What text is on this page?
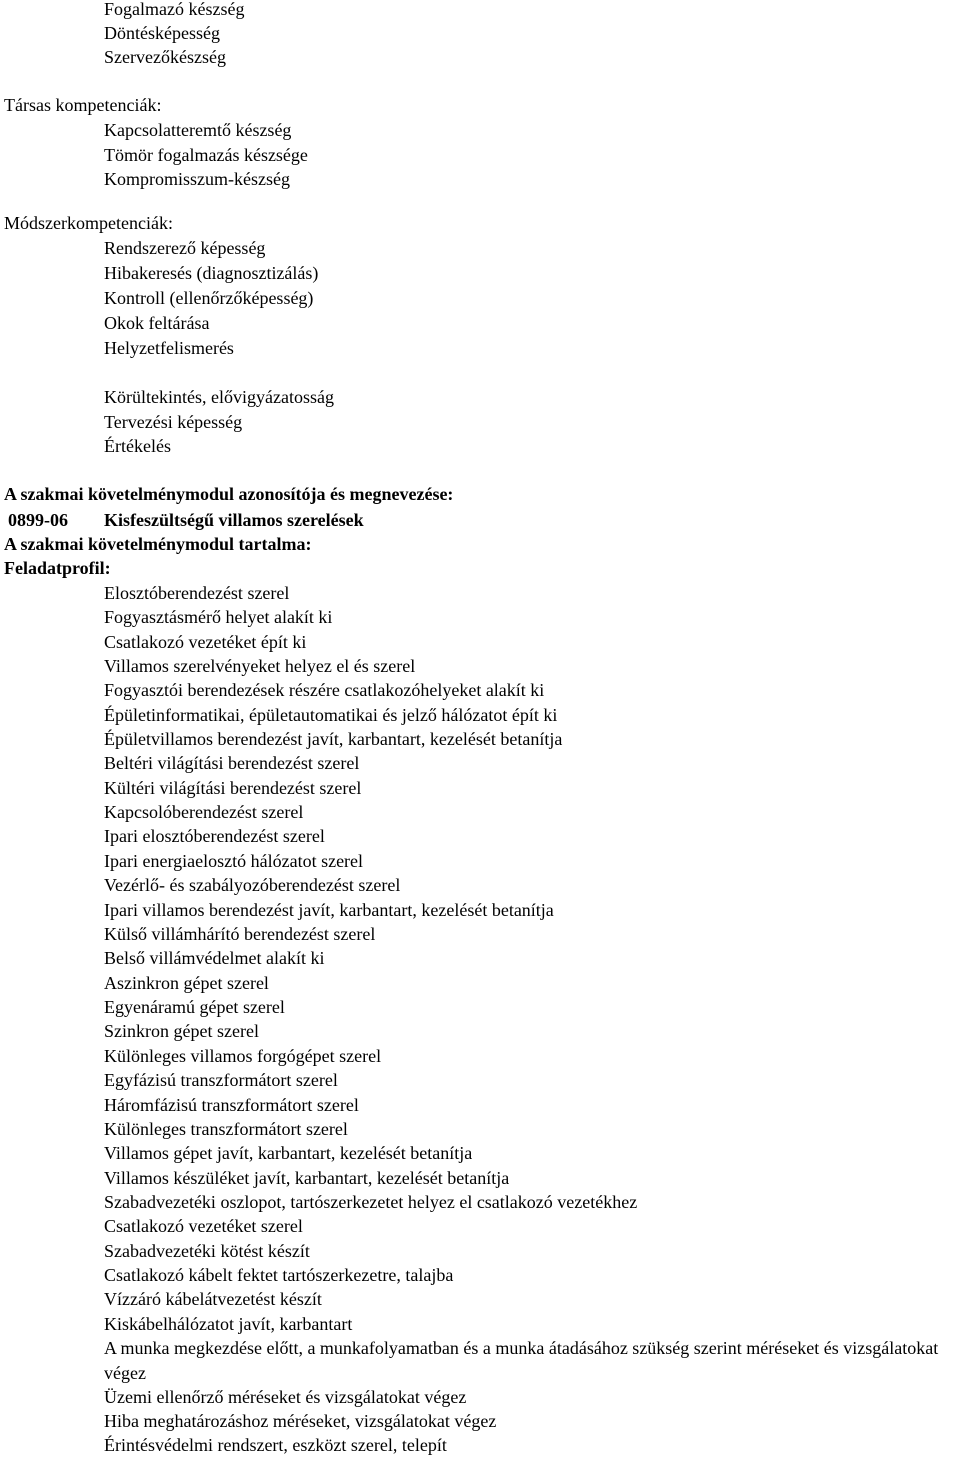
Fogalmazó készség
Döntésképesség
Szervezőkészség
Társas kompetenciák:
Kapcsolatteremtő készség
Tömör fogalmazás készsége
Kompromisszum-készség
Módszerkompetenciák:
Rendszerező képesség
Hibakeresés (diagnosztizálás)
Kontroll (ellenőrzőképesség)
Okok feltárása
Helyzetfelismerés
Körültekintés, elővigyázatosság
Tervezési képesség
Értékelés
A szakmai követelménymodul azonosítója és megnevezése:
0899-06 Kisfeszültségű villamos szerelések
A szakmai követelménymodul tartalma:
Feladatprofil:
Elosztóberendezést szerel
Fogyasztásmérő helyet alakít ki
Csatlakozó vezetéket épít ki
Villamos szerelvényeket helyez el és szerel
Fogyasztói berendezések részére csatlakozóhelyeket alakít ki
Épületinformatikai, épületautomatikai és jelző hálózatot épít ki
Épületvillamos berendezést javít, karbantart, kezelését betanítja
Beltéri világítási berendezést szerel
Kültéri világítási berendezést szerel
Kapcsolóberendezést szerel
Ipari elosztóberendezést szerel
Ipari energiaelosztó hálózatot szerel
Vezérlő- és szabályozóberendezést szerel
Ipari villamos berendezést javít, karbantart, kezelését betanítja
Külső villámhárító berendezést szerel
Belső villámvédelmet alakít ki
Aszinkron gépet szerel
Egyenáramú gépet szerel
Szinkron gépet szerel
Különleges villamos forgógépet szerel
Egyfázisú transzformátort szerel
Háromfázisú transzformátort szerel
Különleges transzformátort szerel
Villamos gépet javít, karbantart, kezelését betanítja
Villamos készüléket javít, karbantart, kezelését betanítja
Szabadvezetéki oszlopot, tartószerkezetet helyez el csatlakozó vezetékhez
Csatlakozó vezetéket szerel
Szabadvezetéki kötést készít
Csatlakozó kábelt fektet tartószerkezetre, talajba
Vízzáró kábelátvezetést készít
Kiskábelhálózatot javít, karbantart
A munka megkezdése előtt, a munkafolyamatban és a munka átadásához szükség szerint méréseket és vizsgálatokat végez
Üzemi ellenőrző méréseket és vizsgálatokat végez
Hiba meghatározáshoz méréseket, vizsgálatokat végez
Érintésvédelmi rendszert, eszközt szerel, telepít
